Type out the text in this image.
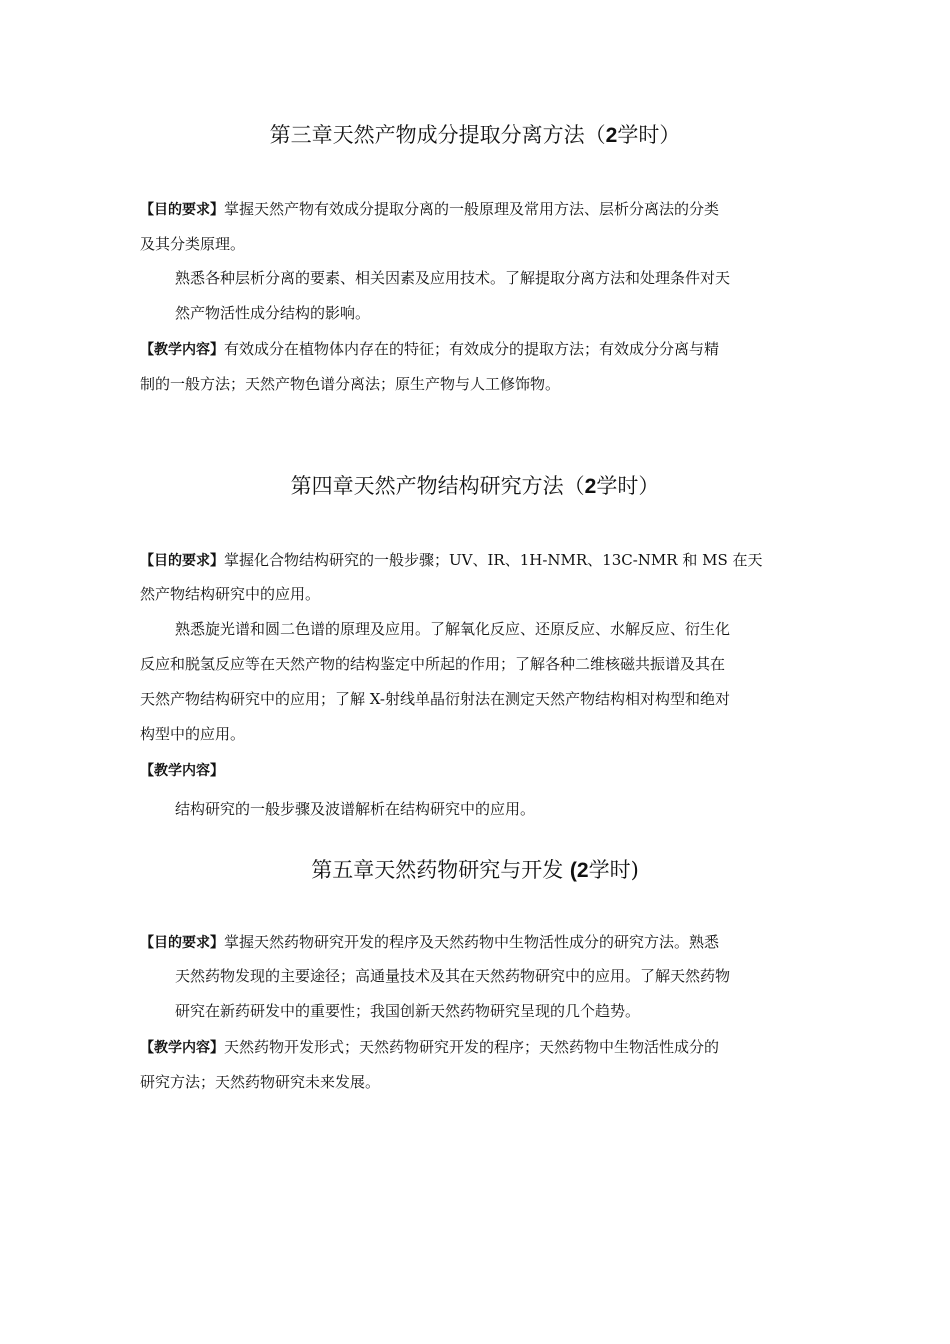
第三章天然产物成分提取分离方法（2学时）
【目的要求】掌握天然产物有效成分提取分离的一般原理及常用方法、层析分离法的分类
及其分类原理。
熟悉各种层析分离的要素、相关因素及应用技术。了解提取分离方法和处理条件对天
然产物活性成分结构的影响。
【教学内容】有效成分在植物体内存在的特征；有效成分的提取方法；有效成分分离与精
制的一般方法；天然产物色谱分离法；原生产物与人工修饰物。
第四章天然产物结构研究方法（2学时）
【目的要求】掌握化合物结构研究的一般步骤；UV、IR、1H-NMR、13C-NMR 和 MS 在天
然产物结构研究中的应用。
熟悉旋光谱和圆二色谱的原理及应用。了解氧化反应、还原反应、水解反应、衍生化
反应和脱氢反应等在天然产物的结构鉴定中所起的作用；了解各种二维核磁共振谱及其在
天然产物结构研究中的应用；了解 X-射线单晶衍射法在测定天然产物结构相对构型和绝对
构型中的应用。
【教学内容】
结构研究的一般步骤及波谱解析在结构研究中的应用。
第五章天然药物研究与开发 (2学时)
【目的要求】掌握天然药物研究开发的程序及天然药物中生物活性成分的研究方法。熟悉
天然药物发现的主要途径；高通量技术及其在天然药物研究中的应用。了解天然药物
研究在新药研发中的重要性；我国创新天然药物研究呈现的几个趋势。
【教学内容】天然药物开发形式；天然药物研究开发的程序；天然药物中生物活性成分的
研究方法；天然药物研究未来发展。
